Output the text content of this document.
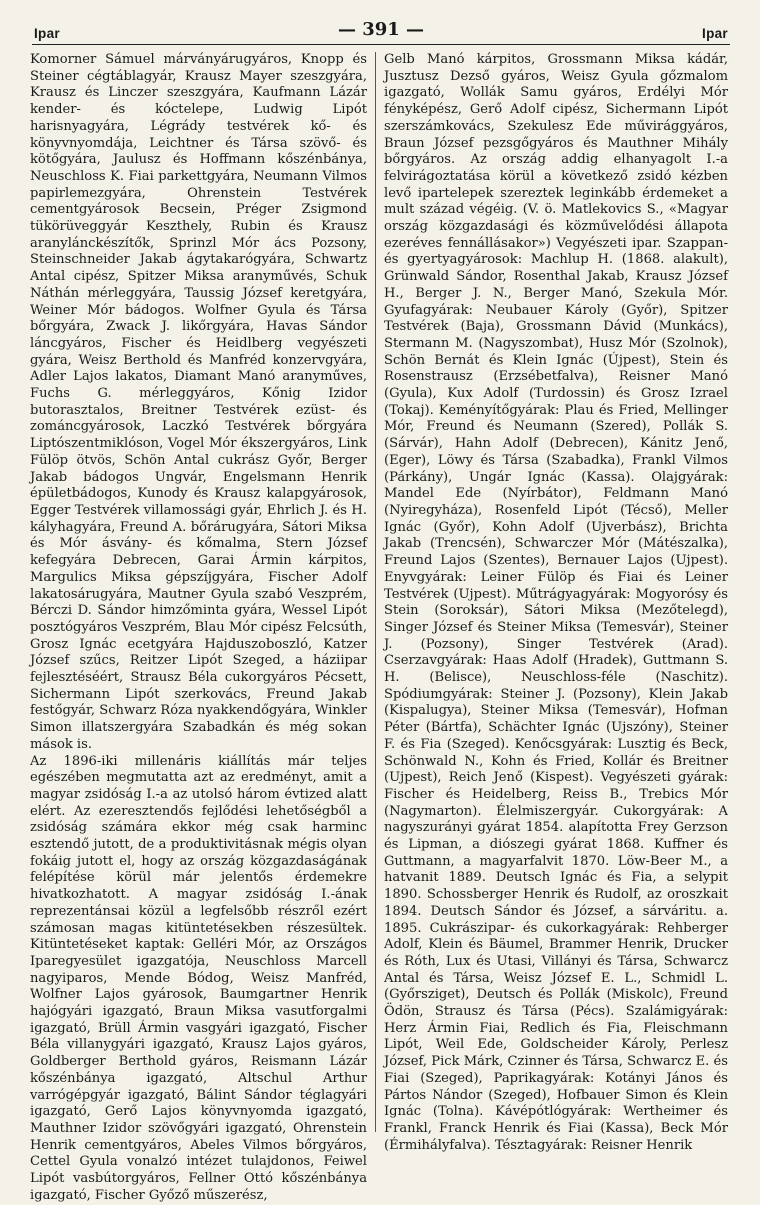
Ipar	— 391 —	Ipar

Komorner Sámuel márványárugyáros, Knopp és Steiner cégtáblagyár, Krausz Mayer szeszgyára, Krausz és Linczer szeszgyára, Kaufmann Lázár kender- és kóctelepe, Ludwig Lipót harisnyagyára, Légrády testvérek kő- és könyvnyomdája, Leichtner és Társa szövő- és kötőgyára, Jaulusz és Hoffmann kőszénbánya, Neuschloss K. Fiai parkettgyára, Neumann Vilmos papirlemezgyára, Ohrenstein Testvérek cementgyárosok Becsein, Préger Zsigmond tükörüveggyár Keszthely, Rubin és Krausz aranylánckészítők, Sprinzl Mór ács Pozsony, Steinschneider Jakab ágytakarógyára, Schwartz Antal cipész, Spitzer Miksa aranyművés, Schuk Náthán mérleggyára, Taussig József keretgyára, Weiner Mór bádogos. Wolfner Gyula és Társa bőrgyára, Zwack J. likőrgyára, Havas Sándor láncgyáros, Fischer és Heidlberg vegyészeti gyára, Weisz Berthold és Manfréd konzervgyára, Adler Lajos lakatos, Diamant Manó aranyműves, Fuchs G. mérleggyáros, Kőnig Izidor butorasztalos, Breitner Testvérek ezüst- és zománcgyárosok, Laczkó Testvérek bőrgyára Liptószentmiklóson, Vogel Mór ékszergyáros, Link Fülöp ötvös, Schön Antal cukrász Győr, Berger Jakab bádogos Ungvár, Engelsmann Henrik épületbádogos, Kunody és Krausz kalapgyárosok, Egger Testvérek villamossági gyár, Ehrlich J. és H. kályhagyára, Freund A. bőrárugyára, Sátori Miksa és Mór ásvány- és kőmalma, Stern József kefegyára Debrecen, Garai Ármin kárpitos, Margulics Miksa gépszíjgyára, Fischer Adolf lakatosárugyára, Mautner Gyula szabó Veszprém, Bérczi D. Sándor himzőminta gyára, Wessel Lipót posztógyáros Veszprém, Blau Mór cipész Felcsúth, Grosz Ignác ecetgyára Hajduszoboszló, Katzer József szűcs, Reitzer Lipót Szeged, a háziipar fejlesztéséért, Strausz Béla cukorgyáros Pécsett, Sichermann Lipót szerkovács, Freund Jakab festőgyár, Schwarz Róza nyakkendőgyára, Winkler Simon illatszergyára Szabadkán és még sokan mások is.

Az 1896-iki millenáris kiállítás már teljes egészében megmutatta azt az eredményt, amit a magyar zsidóság I.-a az utolsó három évtized alatt elért. Az ezeresztendős fejlődési lehetőségből a zsidóság számára ekkor még csak harminc esztendő jutott, de a produktivitásnak mégis olyan fokáig jutott el, hogy az ország közgazdaságának felépítése körül már jelentős érdemekre hivatkozhatott. A magyar zsidóság I.-ának reprezentánsai közül a legfelsőbb részről ezért számosan magas kitüntetésekben részesültek. Kitüntetéseket kaptak: Gelléri Mór, az Országos Iparegyesület igazgatója, Neuschloss Marcell nagyiparos, Mende Bódog, Weisz Manfréd, Wolfner Lajos gyárosok, Baumgartner Henrik hajógyári igazgató, Braun Miksa vasutforgalmi igazgató, Brüll Ármin vasgyári igazgató, Fischer Béla villanygyári igazgató, Krausz Lajos gyáros, Goldberger Berthold gyáros, Reismann Lázár kőszénbánya igazgató, Altschul Arthur varrógépgyár igazgató, Bálint Sándor téglagyári igazgató, Gerő Lajos könyvnyomda igazgató, Mauthner Izidor szövőgyári igazgató, Ohrenstein Henrik cementgyáros, Abeles Vilmos bőrgyáros, Cettel Gyula vonalzó intézet tulajdonos, Feiwel Lipót vasbútorgyáros, Fellner Ottó kőszénbánya igazgató, Fischer Győző műszerész,

Gelb Manó kárpitos, Grossmann Miksa kádár, Jusztusz Dezső gyáros, Weisz Gyula gőzmalom igazgató, Wollák Samu gyáros, Erdélyi Mór fényképész, Gerő Adolf cipész, Sichermann Lipót szerszámkovács, Szekulesz Ede művirággyáros, Braun József pezsgőgyáros és Mauthner Mihály bőrgyáros. Az ország addig elhanyagolt I.-a felvirágoztatása körül a következő zsidó kézben levő ipartelepek szereztek leginkább érdemeket a mult század végéig. (V. ö. Matlekovics S., «Magyar ország közgazdasági és közművelődési állapota ezeréves fennállásakor») Vegyészeti ipar. Szappan- és gyertyagyárosok: Machlup H. (1868. alakult), Grünwald Sándor, Rosenthal Jakab, Krausz József H., Berger J. N., Berger Manó, Szekula Mór. Gyufagyárak: Neubauer Károly (Győr), Spitzer Testvérek (Baja), Grossmann Dávid (Munkács), Stermann M. (Nagyszombat), Husz Mór (Szolnok), Schön Bernát és Klein Ignác (Újpest), Stein és Rosenstrausz (Erzsébetfalva), Reisner Manó (Gyula), Kux Adolf (Turdossin) és Grosz Izrael (Tokaj). Keményítőgyárak: Plau és Fried, Mellinger Mór, Freund és Neumann (Szered), Pollák S. (Sárvár), Hahn Adolf (Debrecen), Kánitz Jenő, (Eger), Löwy és Társa (Szabadka), Frankl Vilmos (Párkány), Ungár Ignác (Kassa). Olajgyárak: Mandel Ede (Nyírbátor), Feldmann Manó (Nyiregyháza), Rosenfeld Lipót (Técső), Meller Ignác (Győr), Kohn Adolf (Ujverbász), Brichta Jakab (Trencsén), Schwarczer Mór (Mátészalka), Freund Lajos (Szentes), Bernauer Lajos (Ujpest). Enyvgyárak: Leiner Fülöp és Fiai és Leiner Testvérek (Ujpest). Műtrágyagyárak: Mogyorósy és Stein (Soroksár), Sátori Miksa (Mezőtelegd), Singer József és Steiner Miksa (Temesvár), Steiner J. (Pozsony), Singer Testvérek (Arad). Cserzavgyárak: Haas Adolf (Hradek), Guttmann S. H. (Belisce), Neuschloss-féle (Naschitz). Spódiumgyárak: Steiner J. (Pozsony), Klein Jakab (Kispalugya), Steiner Miksa (Temesvár), Hofman Péter (Bártfa), Schächter Ignác (Ujszóny), Steiner F. és Fia (Szeged). Kenőcsgyárak: Lusztig és Beck, Schönwald N., Kohn és Fried, Kollár és Breitner (Ujpest), Reich Jenő (Kispest). Vegyészeti gyárak: Fischer és Heidelberg, Reiss B., Trebics Mór (Nagymarton). Élelmiszergyár. Cukorgyárak: A nagyszurányi gyárat 1854. alapította Frey Gerzson és Lipman, a diószegi gyárat 1868. Kuffner és Guttmann, a magyarfalvit 1870. Löw-Beer M., a hatvanit 1889. Deutsch Ignác és Fia, a selypit 1890. Schossberger Henrik és Rudolf, az oroszkait 1894. Deutsch Sándor és József, a sárváritu. a. 1895. Cukrászipar- és cukorkagyárak: Rehberger Adolf, Klein és Bäumel, Brammer Henrik, Drucker és Róth, Lux és Utasi, Villányi és Társa, Schwarcz Antal és Társa, Weisz József E. L., Schmidl L. (Győrsziget), Deutsch és Pollák (Miskolc), Freund Ödön, Strausz és Társa (Pécs). Szalámigyárak: Herz Ármin Fiai, Redlich és Fia, Fleischmann Lipót, Weil Ede, Goldscheider Károly, Perlesz József, Pick Márk, Czinner és Társa, Schwarcz E. és Fiai (Szeged), Paprikagyárak: Kotányi János és Pártos Nándor (Szeged), Hofbauer Simon és Klein Ignác (Tolna). Kávépótlógyárak: Wertheimer és Frankl, Franck Henrik és Fiai (Kassa), Beck Mór (Érmihályfalva). Tésztagyárak: Reisner Henrik
